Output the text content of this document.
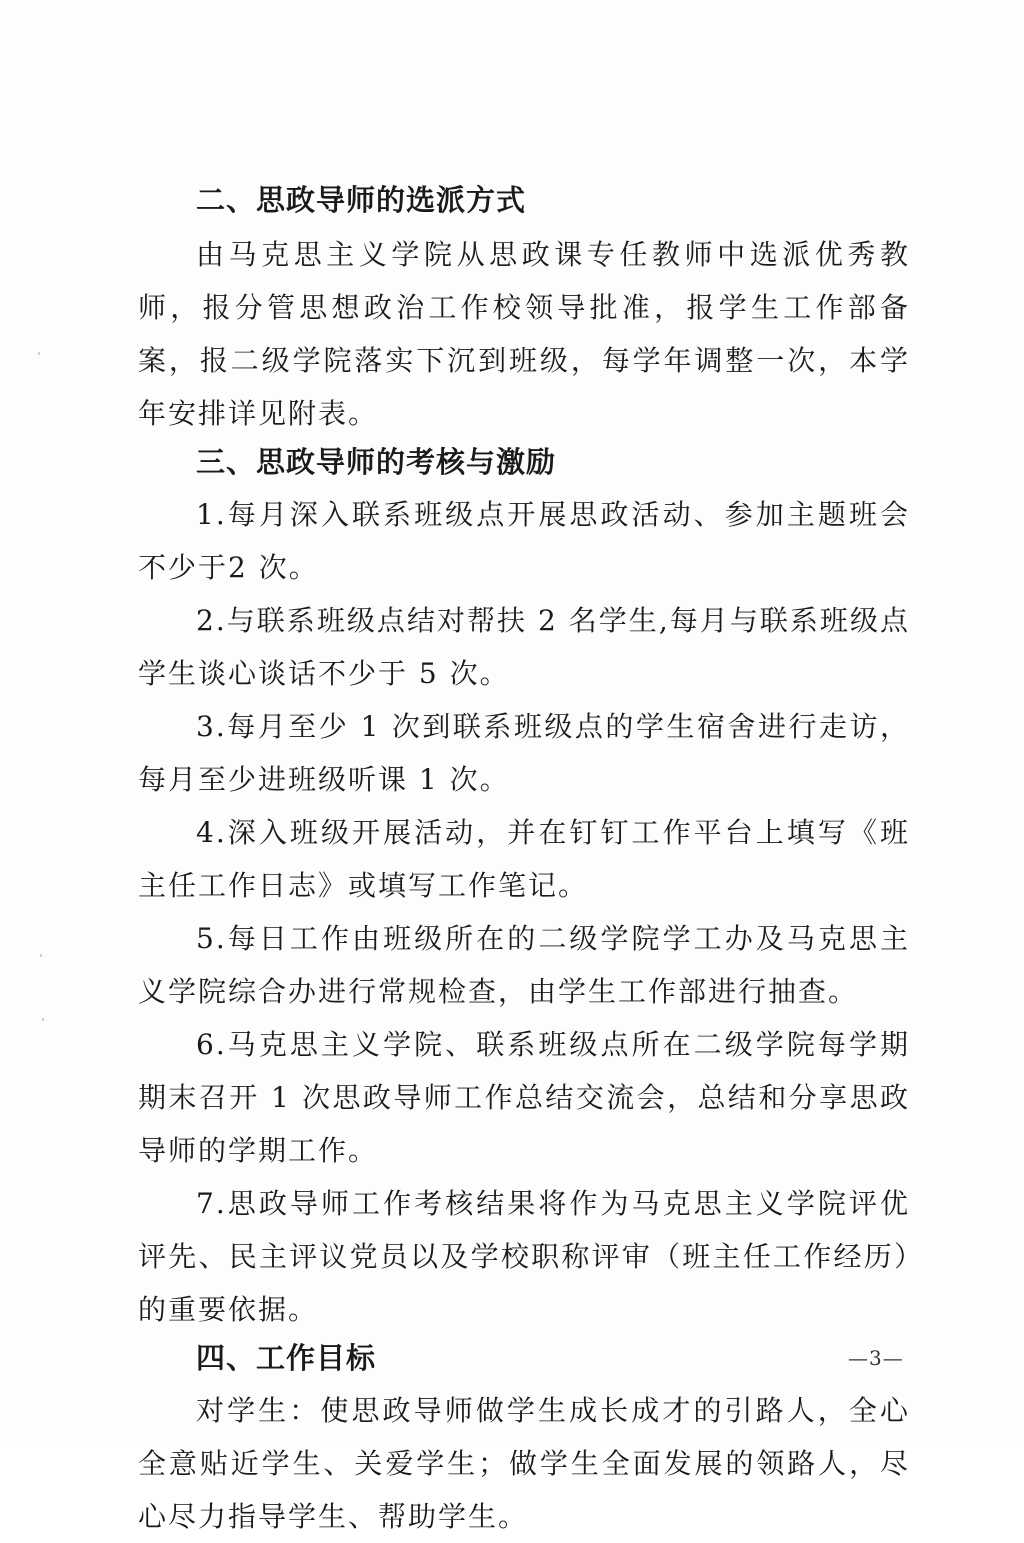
二、思政导师的选派方式

由马克思主义学院从思政课专任教师中选派优秀教师，报分管思想政治工作校领导批准，报学生工作部备案，报二级学院落实下沉到班级，每学年调整一次，本学年安排详见附表。

三、思政导师的考核与激励

1.每月深入联系班级点开展思政活动、参加主题班会不少于2 次。

2.与联系班级点结对帮扶 2 名学生,每月与联系班级点学生谈心谈话不少于 5 次。

3.每月至少 1 次到联系班级点的学生宿舍进行走访，每月至少进班级听课 1 次。

4.深入班级开展活动，并在钉钉工作平台上填写《班主任工作日志》或填写工作笔记。

5.每日工作由班级所在的二级学院学工办及马克思主义学院综合办进行常规检查，由学生工作部进行抽查。

6.马克思主义学院、联系班级点所在二级学院每学期期末召开 1 次思政导师工作总结交流会，总结和分享思政导师的学期工作。

7.思政导师工作考核结果将作为马克思主义学院评优评先、民主评议党员以及学校职称评审（班主任工作经历）的重要依据。

四、工作目标

对学生：使思政导师做学生成长成才的引路人，全心全意贴近学生、关爱学生；做学生全面发展的领路人，尽心尽力指导学生、帮助学生。

—3—
